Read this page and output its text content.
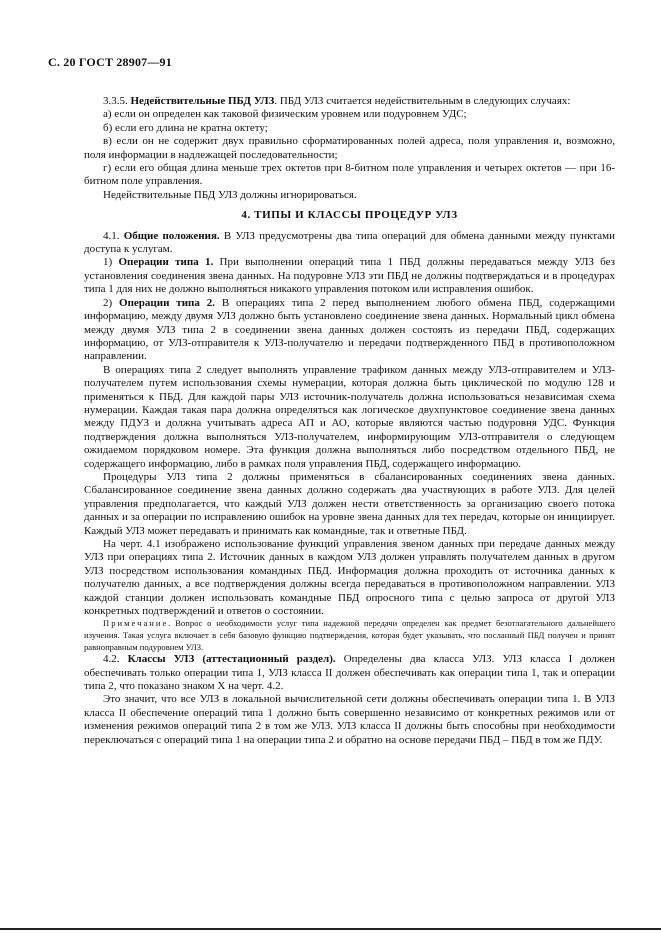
С. 20 ГОСТ 28907—91

3.3.5. Недействительные ПБД УЛЗ. ПБД УЛЗ считается недействительным в следующих случаях:

а) если он определен как таковой физическим уровнем или подуровнем УДС;

б) если его длина не кратна октету;

в) если он не содержит двух правильно сформатированных полей адреса, поля управления и, возможно, поля информации в надлежащей последовательности;

г) если его общая длина меньше трех октетов при 8-битном поле управления и четырех октетов — при 16-битном поле управления.

Недействительные ПБД УЛЗ должны игнорироваться.

4. ТИПЫ И КЛАССЫ ПРОЦЕДУР УЛЗ

4.1. Общие положения. В УЛЗ предусмотрены два типа операций для обмена данными между пунктами доступа к услугам.

1) Операции типа 1. При выполнении операций типа 1 ПБД должны передаваться между УЛЗ без установления соединения звена данных. На подуровне УЛЗ эти ПБД не должны подтверждаться и в процедурах типа 1 для них не должно выполняться никакого управления потоком или исправления ошибок.

2) Операции типа 2. В операциях типа 2 перед выполнением любого обмена ПБД, содержащими информацию, между двумя УЛЗ должно быть установлено соединение звена данных. Нормальный цикл обмена между двумя УЛЗ типа 2 в соединении звена данных должен состоять из передачи ПБД, содержащих информацию, от УЛЗ-отправителя к УЛЗ-получателю и передачи подтвержденного ПБД в противоположном направлении.

В операциях типа 2 следует выполнять управление трафиком данных между УЛЗ-отправителем и УЛЗ-получателем путем использования схемы нумерации, которая должна быть циклической по модулю 128 и применяться к ПБД. Для каждой пары УЛЗ источник-получатель должна использоваться независимая схема нумерации. Каждая такая пара должна определяться как логическое двухпунктовое соединение звена данных между ПДУЗ и должна учитывать адреса АП и АО, которые являются частью подуровня УДС. Функция подтверждения должна выполняться УЛЗ-получателем, информирующим УЛЗ-отправителя о следующем ожидаемом порядковом номере. Эта функция должна выполняться либо посредством отдельного ПБД, не содержащего информацию, либо в рамках поля управления ПБД, содержащего информацию.

Процедуры УЛЗ типа 2 должны применяться в сбалансированных соединениях звена данных. Сбалансированное соединение звена данных должно содержать два участвующих в работе УЛЗ. Для целей управления предполагается, что каждый УЛЗ должен нести ответственность за организацию своего потока данных и за операции по исправлению ошибок на уровне звена данных для тех передач, которые он инициирует. Каждый УЛЗ может передавать и принимать как командные, так и ответные ПБД.

На черт. 4.1 изображено использование функций управления звеном данных при передаче данных между УЛЗ при операциях типа 2. Источник данных в каждом УЛЗ должен управлять получателем данных в другом УЛЗ посредством использования командных ПБД. Информация должна проходить от источника данных к получателю данных, а все подтверждения должны всегда передаваться в противоположном направлении. УЛЗ каждой станции должен использовать командные ПБД опросного типа с целью запроса от другой УЛЗ конкретных подтверждений и ответов о состоянии.

Примечание. Вопрос о необходимости услуг типа надежной передачи определен как предмет безотлагательного дальнейшего изучения. Такая услуга включает в себя базовую функцию подтверждения, которая будет указывать, что посланный ПБД получен и принят равноправным подуровнем УЛЗ.

4.2. Классы УЛЗ (аттестационный раздел). Определены два класса УЛЗ. УЛЗ класса I должен обеспечивать только операции типа 1, УЛЗ класса II должен обеспечивать как операции типа 1, так и операции типа 2, что показано знаком X на черт. 4.2.

Это значит, что все УЛЗ в локальной вычислительной сети должны обеспечивать операции типа 1. В УЛЗ класса II обеспечение операций типа 1 должно быть совершенно независимо от конкретных режимов или от изменения режимов операций типа 2 в том же УЛЗ. УЛЗ класса II должны быть способны при необходимости переключаться с операций типа 1 на операции типа 2 и обратно на основе передачи ПБД – ПБД в том же ПДУ.
